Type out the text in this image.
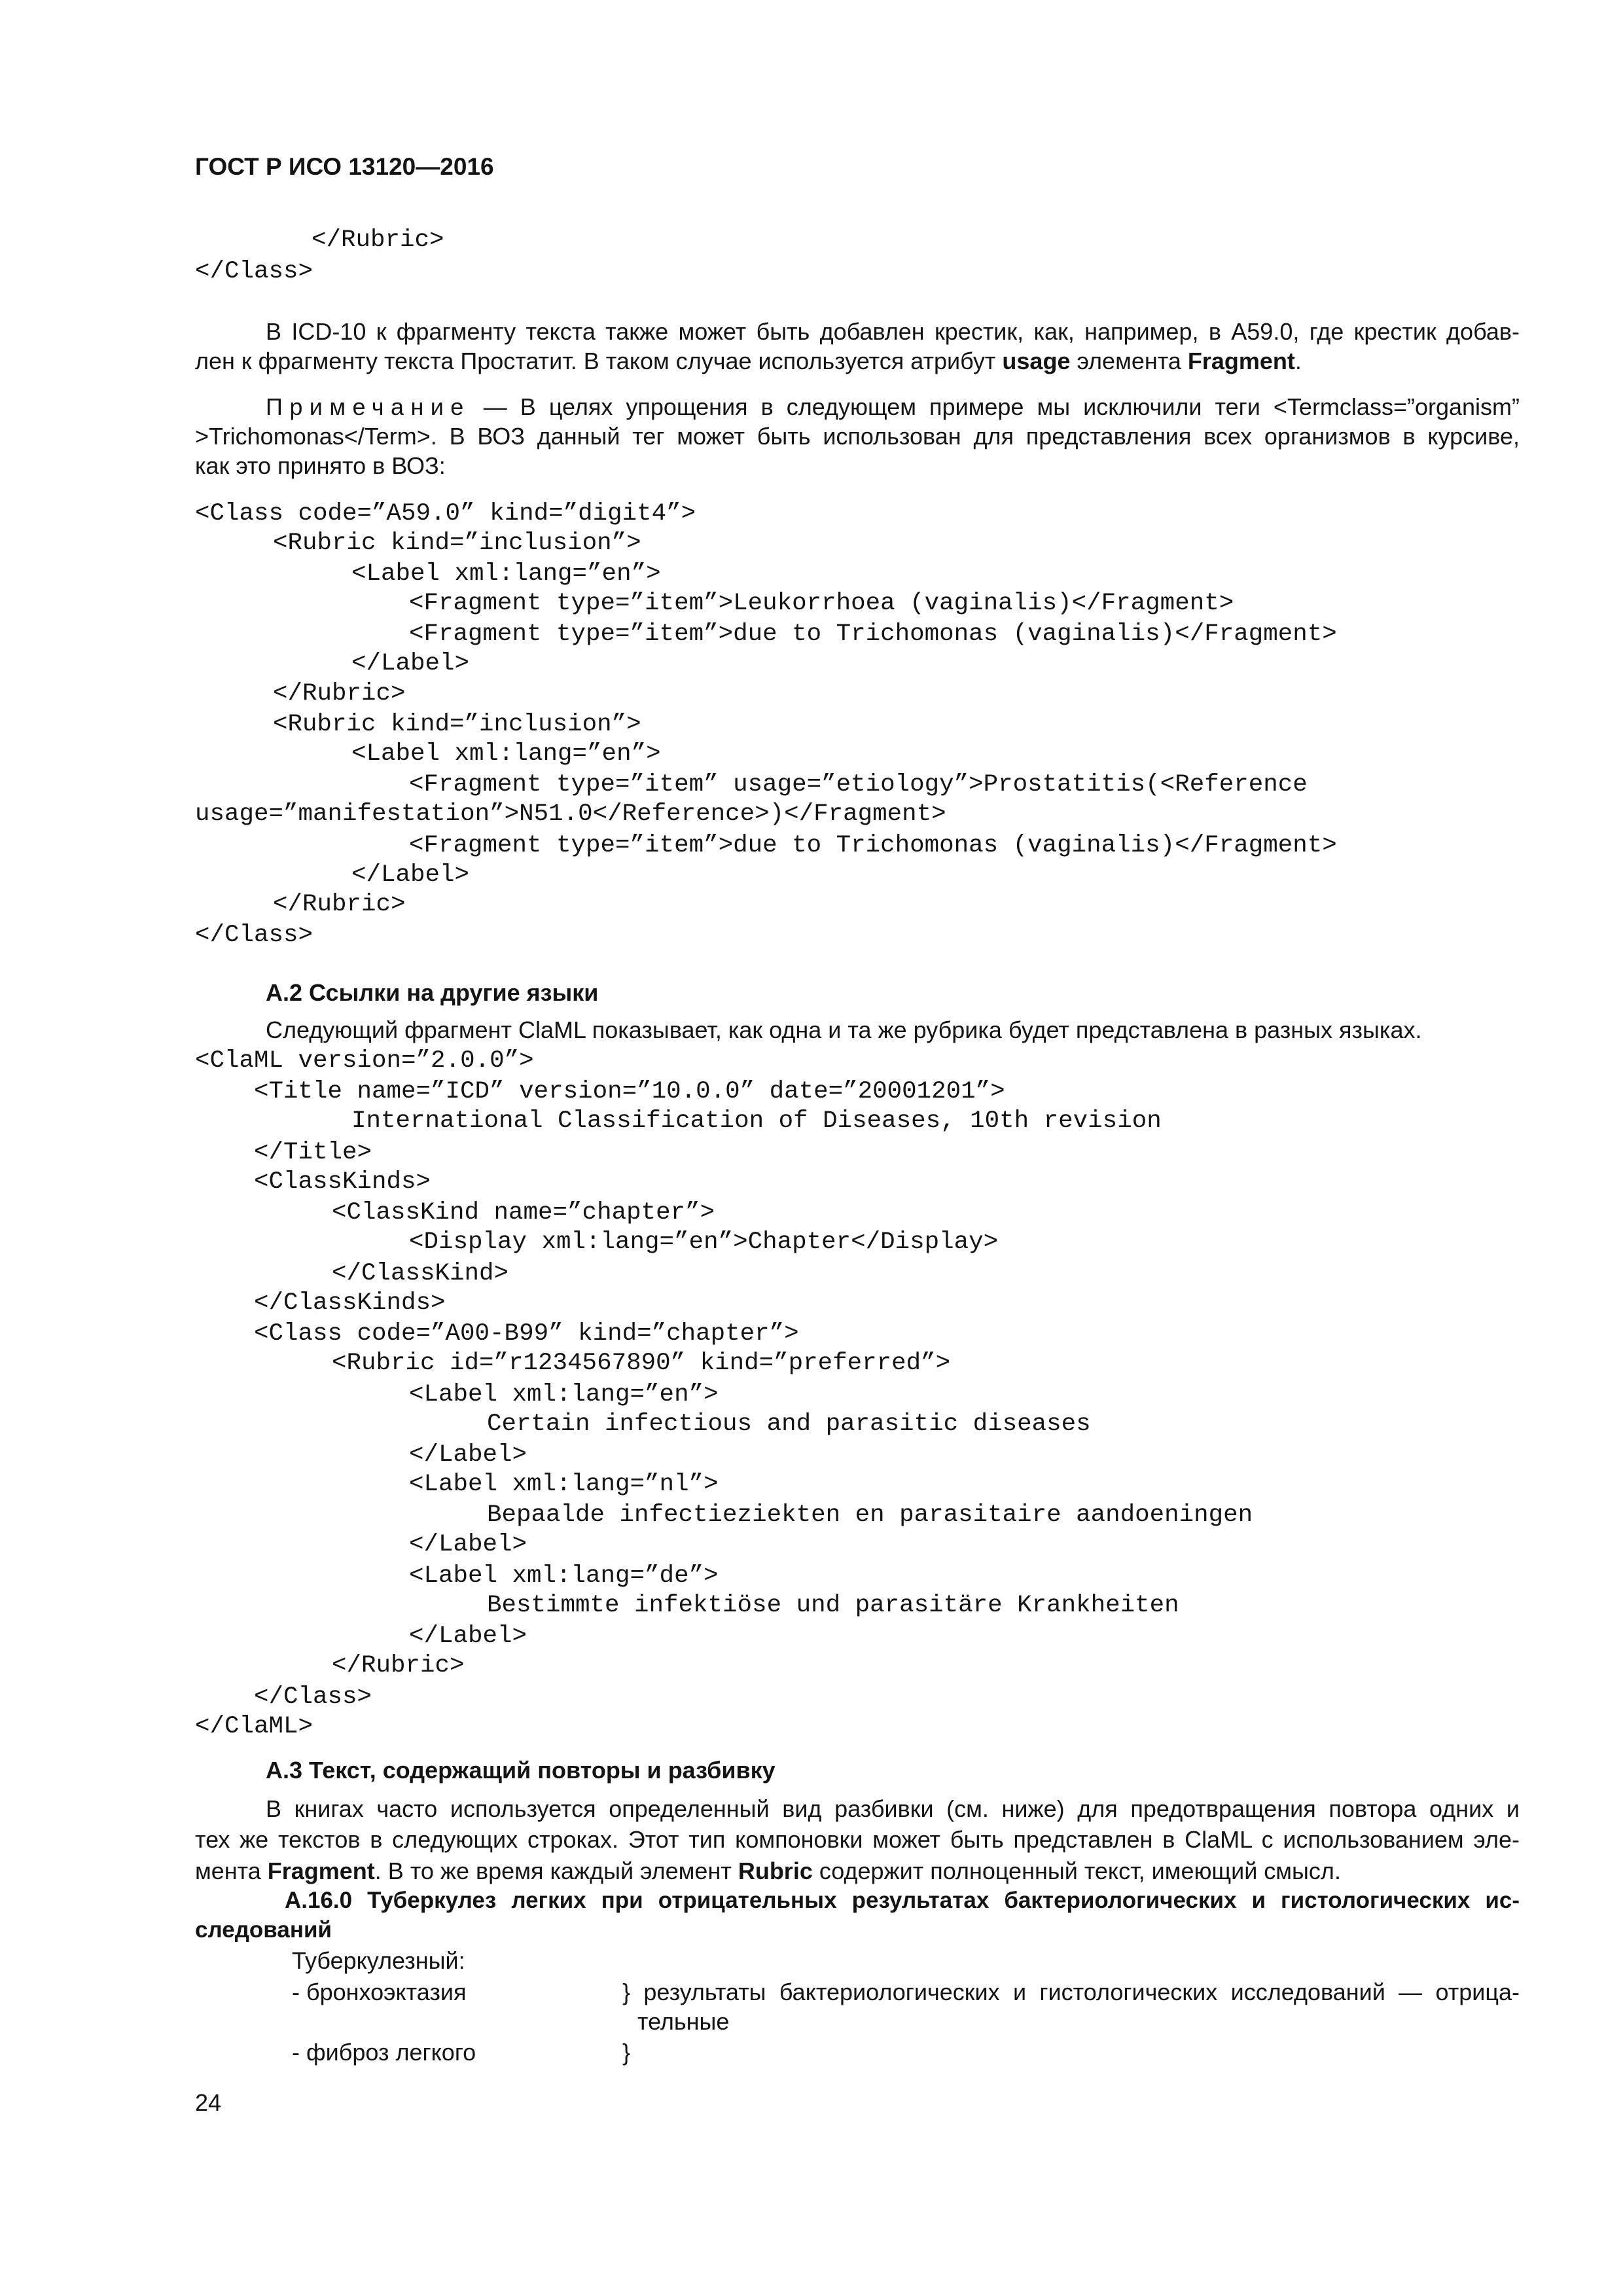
ГОСТ Р ИСО 13120—2016
</Rubric>
</Class>
В ICD-10 к фрагменту текста также может быть добавлен крестик, как, например, в A59.0, где крестик добав-
лен к фрагменту текста Простатит. В таком случае используется атрибут usage элемента Fragment.
Примечание — В целях упрощения в следующем примере мы исключили теги <Termclass=”organism”
>Trichomonas</Term>. В ВОЗ данный тег может быть использован для представления всех организмов в курсиве,
как это принято в ВОЗ:
<Class code=”A59.0” kind=”digit4”>
<Rubric kind=”inclusion”>
<Label xml:lang=”en”>
<Fragment type=”item”>Leukorrhoea (vaginalis)</Fragment>
<Fragment type=”item”>due to Trichomonas (vaginalis)</Fragment>
</Label>
</Rubric>
<Rubric kind=”inclusion”>
<Label xml:lang=”en”>
<Fragment type=”item” usage=”etiology”>Prostatitis(<Reference
usage=”manifestation”>N51.0</Reference>)</Fragment>
<Fragment type=”item”>due to Trichomonas (vaginalis)</Fragment>
</Label>
</Rubric>
</Class>
А.2 Ссылки на другие языки
Следующий фрагмент ClaML показывает, как одна и та же рубрика будет представлена в разных языках.
<ClaML version=”2.0.0”>
<Title name=”ICD” version=”10.0.0” date=”20001201”>
International Classification of Diseases, 10th revision
</Title>
<ClassKinds>
<ClassKind name=”chapter”>
<Display xml:lang=”en”>Chapter</Display>
</ClassKind>
</ClassKinds>
<Class code=”A00-B99” kind=”chapter”>
<Rubric id=”r1234567890” kind=”preferred”>
<Label xml:lang=”en”>
Certain infectious and parasitic diseases
</Label>
<Label xml:lang=”nl”>
Bepaalde infectieziekten en parasitaire aandoeningen
</Label>
<Label xml:lang=”de”>
Bestimmte infektiöse und parasitäre Krankheiten
</Label>
</Rubric>
</Class>
</ClaML>
А.3 Текст, содержащий повторы и разбивку
В книгах часто используется определенный вид разбивки (см. ниже) для предотвращения повтора одних и
тех же текстов в следующих строках. Этот тип компоновки может быть представлен в ClaML с использованием эле-
мента Fragment. В то же время каждый элемент Rubric содержит полноценный текст, имеющий смысл.
А.16.0 Туберкулез легких при отрицательных результатах бактериологических и гистологических ис-
следований
Туберкулезный:
- бронхоэктазия	} результаты бактериологических и гистологических исследований — отрица-
тельные
- фиброз легкого	}
24
